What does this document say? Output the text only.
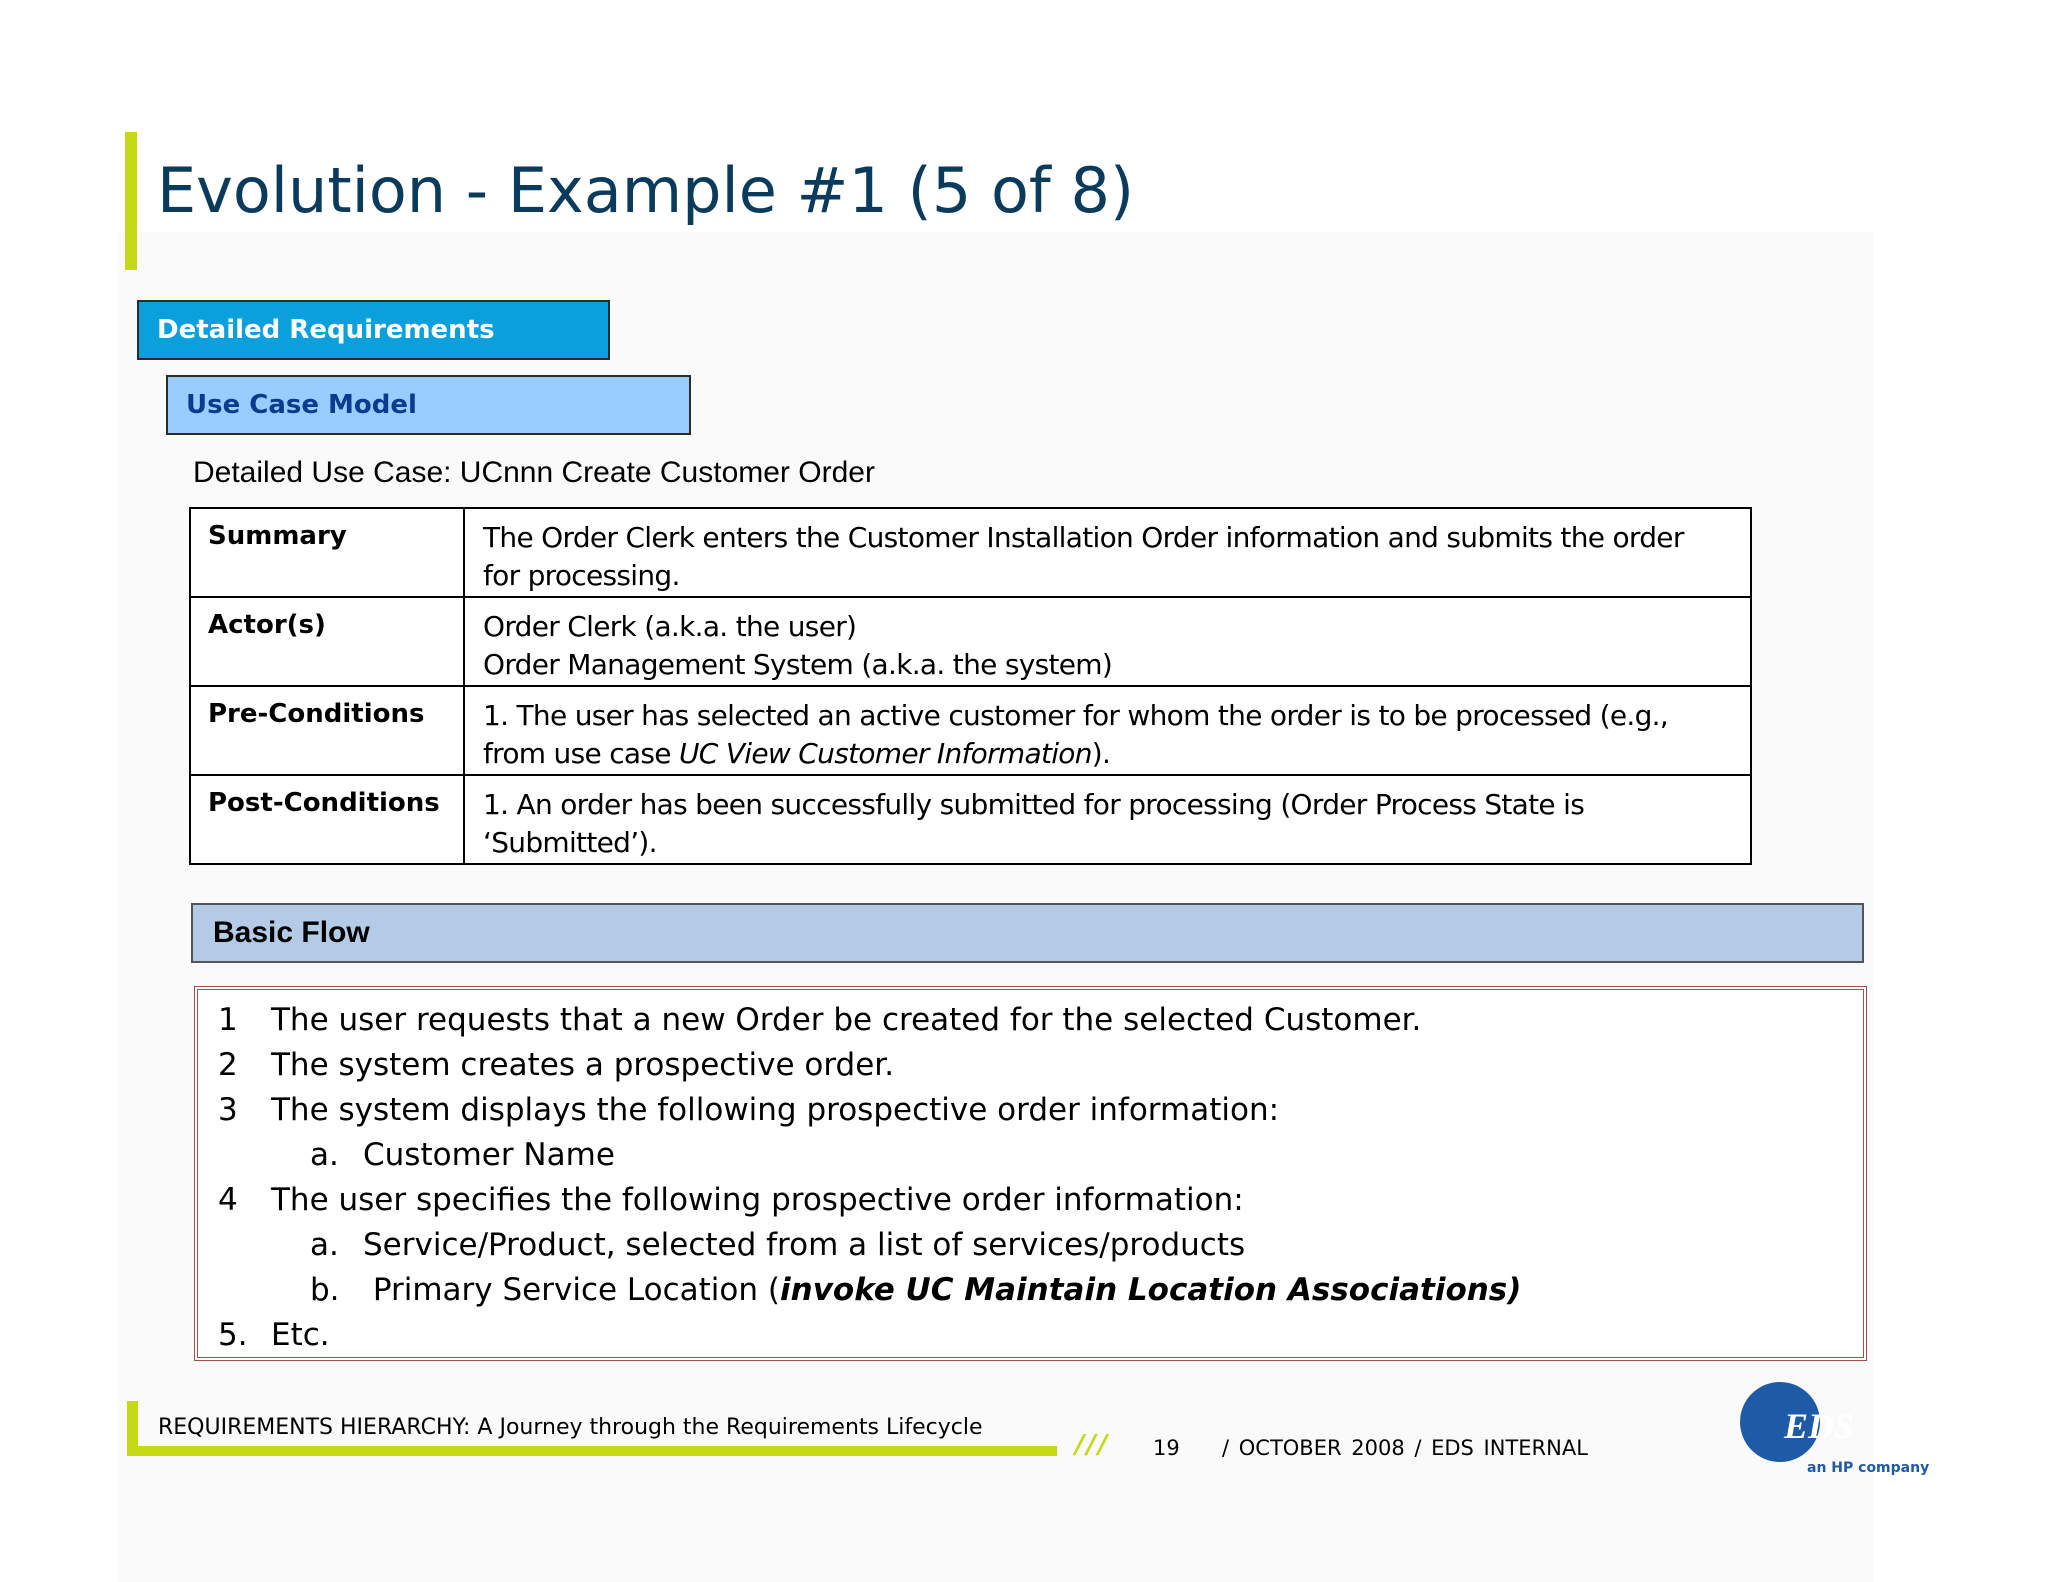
Evolution - Example #1 (5 of 8)
Detailed Requirements
Use Case Model
Detailed Use Case: UCnnn Create Customer Order
Summary	The Order Clerk enters the Customer Installation Order information and submits the order
for processing.

Actor(s)	Order Clerk (a.k.a. the user)
Order Management System (a.k.a. the system)

Pre-Conditions	1. The user has selected an active customer for whom the order is to be processed (e.g.,
from use case UC View Customer Information).

Post-Conditions	1. An order has been successfully submitted for processing (Order Process State is
‘Submitted’).
Basic Flow
1	The user requests that a new Order be created for the selected Customer.
2	The system creates a prospective order.
3	The system displays the following prospective order information:
a. Customer Name
4	The user specifies the following prospective order information:
a. Service/Product, selected from a list of services/products
b. Primary Service Location ( invoke UC Maintain Location Associations)
5. Etc.
REQUIREMENTS HIERARCHY: A Journey through the Requirements Lifecycle
/// 19 / OCTOBER 2008 / EDS INTERNAL
EDS
an HP company
